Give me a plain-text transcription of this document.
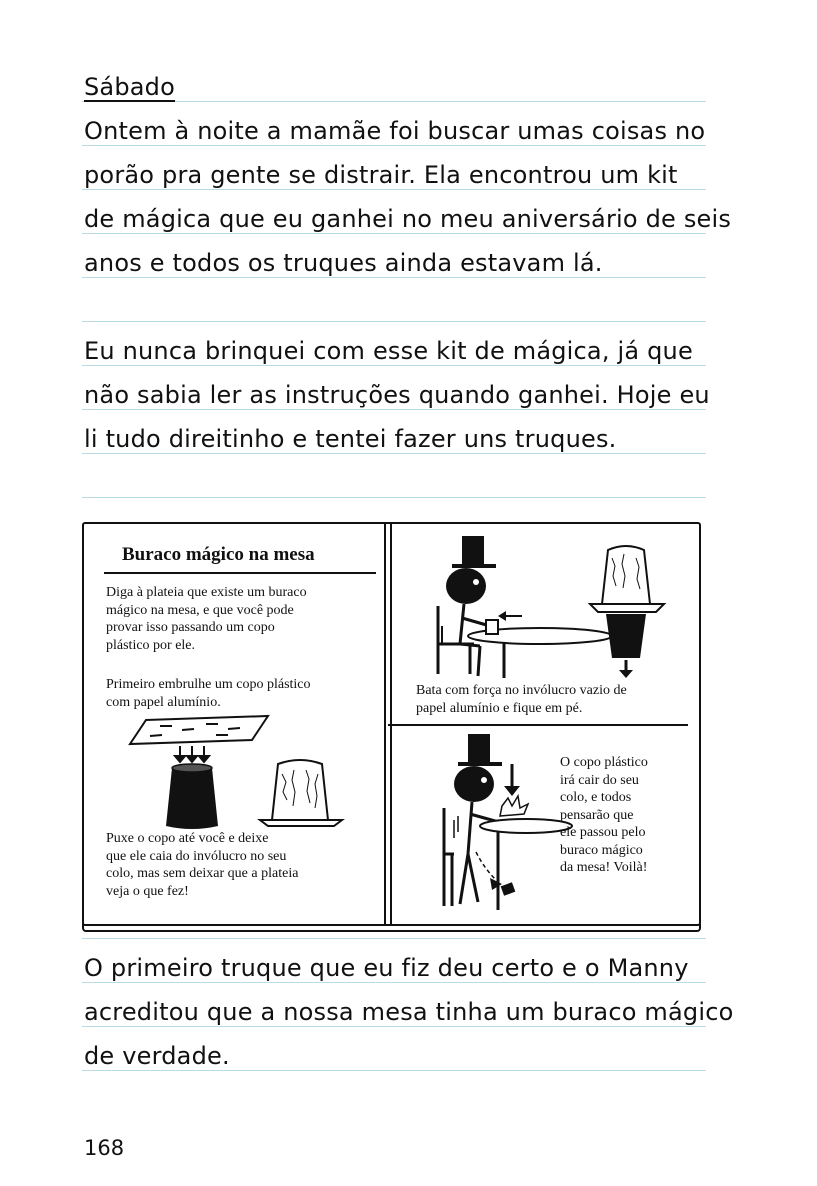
Sábado

Ontem à noite a mamãe foi buscar umas coisas no

porão pra gente se distrair. Ela encontrou um kit

de mágica que eu ganhei no meu aniversário de seis

anos e todos os truques ainda estavam lá.

Eu nunca brinquei com esse kit de mágica, já que

não sabia ler as instruções quando ganhei. Hoje eu

li tudo direitinho e tentei fazer uns truques.

Buraco mágico na mesa

Diga à plateia que existe um buraco
mágico na mesa, e que você pode
provar isso passando um copo
plástico por ele.
Primeiro embrulhe um copo plástico
com papel alumínio.
Puxe o copo até você e deixe
que ele caia do invólucro no seu
colo, mas sem deixar que a plateia
veja o que fez!
Bata com força no invólucro vazio de
papel alumínio e fique em pé.
O copo plástico
irá cair do seu
colo, e todos
pensarão que
ele passou pelo
buraco mágico
da mesa! Voilà!

O primeiro truque que eu fiz deu certo e o Manny

acreditou que a nossa mesa tinha um buraco mágico

de verdade.

168
